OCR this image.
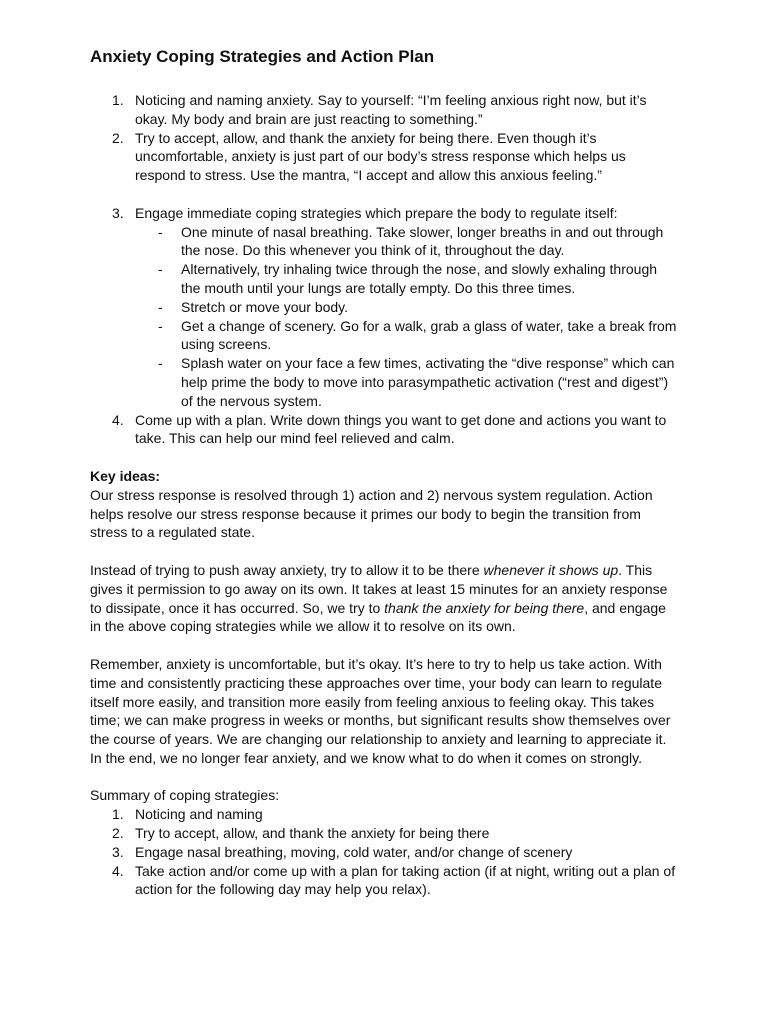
Anxiety Coping Strategies and Action Plan
1. Noticing and naming anxiety. Say to yourself: “I’m feeling anxious right now, but it’s okay. My body and brain are just reacting to something.”
2. Try to accept, allow, and thank the anxiety for being there. Even though it’s uncomfortable, anxiety is just part of our body’s stress response which helps us respond to stress. Use the mantra, “I accept and allow this anxious feeling.”
3. Engage immediate coping strategies which prepare the body to regulate itself:
- One minute of nasal breathing. Take slower, longer breaths in and out through the nose. Do this whenever you think of it, throughout the day.
- Alternatively, try inhaling twice through the nose, and slowly exhaling through the mouth until your lungs are totally empty. Do this three times.
- Stretch or move your body.
- Get a change of scenery. Go for a walk, grab a glass of water, take a break from using screens.
- Splash water on your face a few times, activating the “dive response” which can help prime the body to move into parasympathetic activation (“rest and digest”) of the nervous system.
4. Come up with a plan. Write down things you want to get done and actions you want to take. This can help our mind feel relieved and calm.

Key ideas:

Our stress response is resolved through 1) action and 2) nervous system regulation. Action helps resolve our stress response because it primes our body to begin the transition from stress to a regulated state.

Instead of trying to push away anxiety, try to allow it to be there whenever it shows up. This gives it permission to go away on its own. It takes at least 15 minutes for an anxiety response to dissipate, once it has occurred. So, we try to thank the anxiety for being there, and engage in the above coping strategies while we allow it to resolve on its own.

Remember, anxiety is uncomfortable, but it’s okay. It’s here to try to help us take action. With time and consistently practicing these approaches over time, your body can learn to regulate itself more easily, and transition more easily from feeling anxious to feeling okay. This takes time; we can make progress in weeks or months, but significant results show themselves over the course of years. We are changing our relationship to anxiety and learning to appreciate it. In the end, we no longer fear anxiety, and we know what to do when it comes on strongly.

Summary of coping strategies:

1. Noticing and naming
2. Try to accept, allow, and thank the anxiety for being there
3. Engage nasal breathing, moving, cold water, and/or change of scenery
4. Take action and/or come up with a plan for taking action (if at night, writing out a plan of action for the following day may help you relax).
